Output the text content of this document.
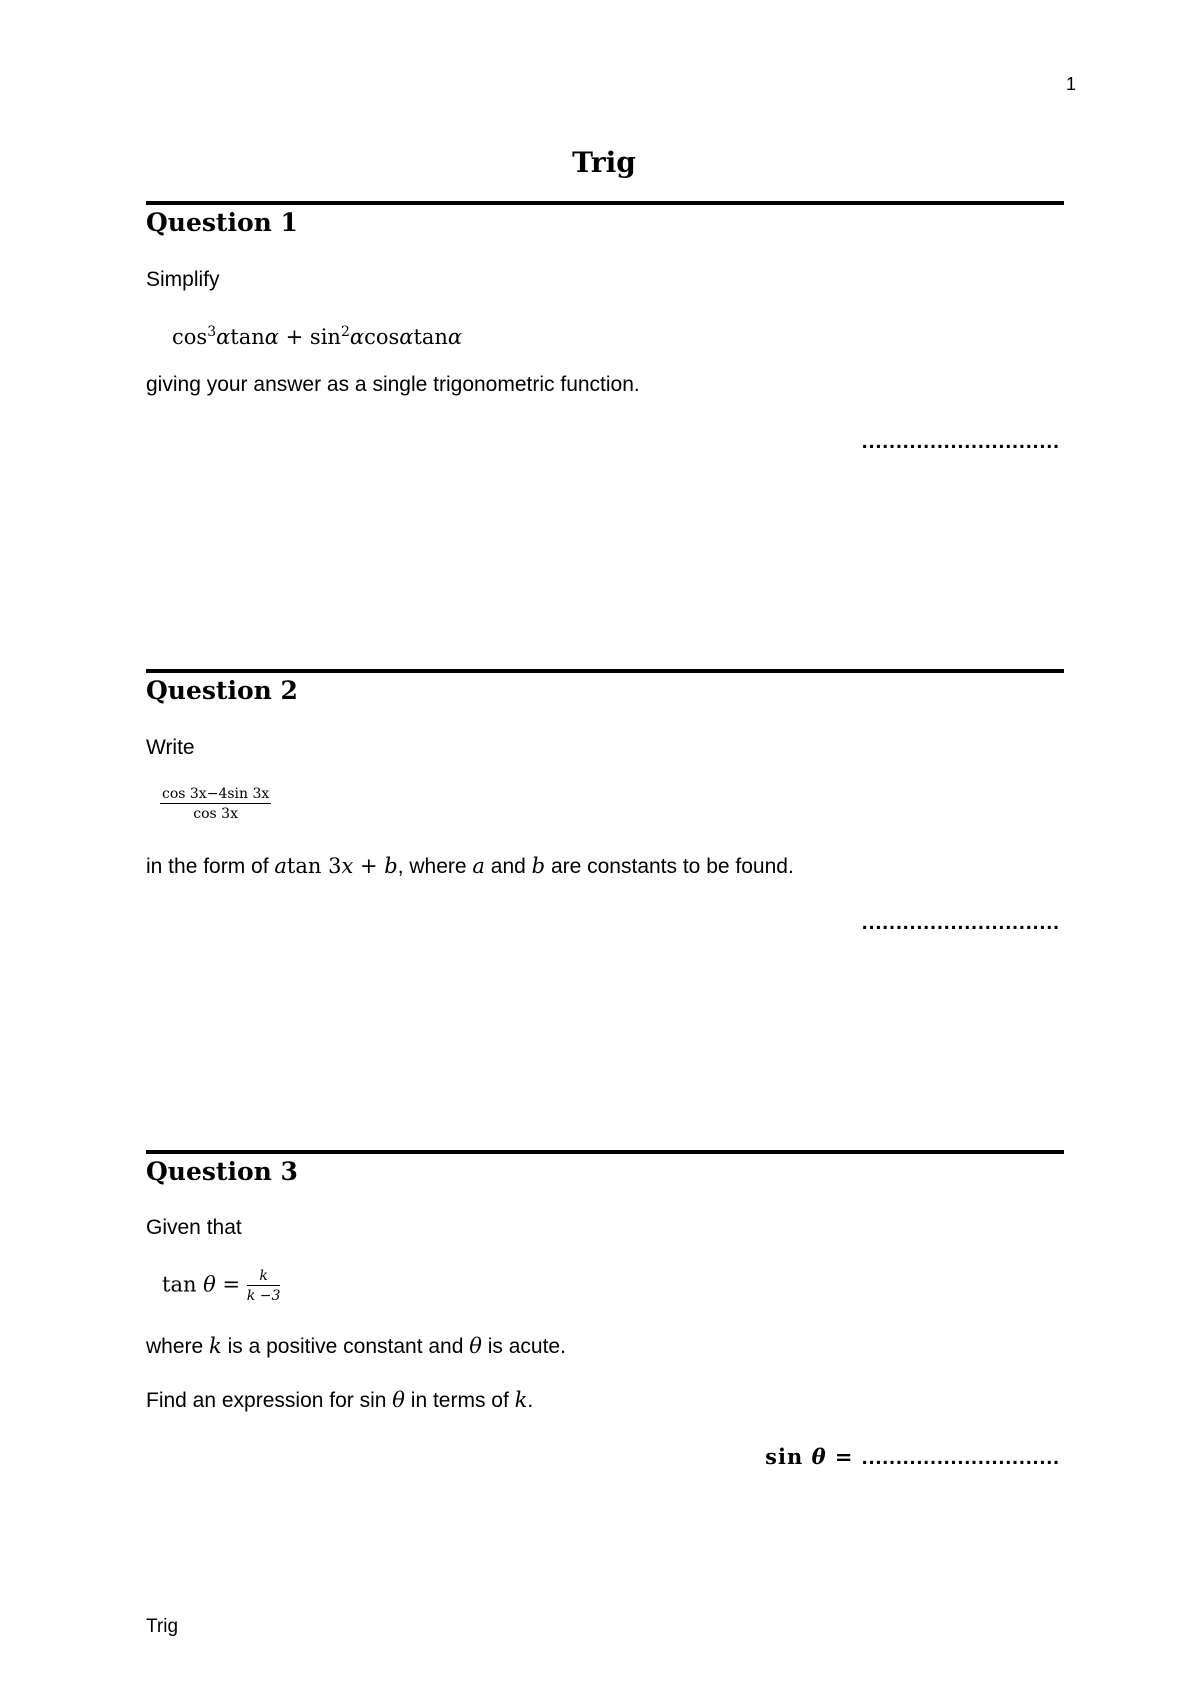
1
Trig
Question 1
Simplify
$\cos^3\alpha\tan\alpha + \sin^2\alpha\cos\alpha\tan\alpha$
giving your answer as a single trigonometric function.
.............................
Question 2
Write
$\frac{\cos 3x-4\sin 3x}{\cos 3x}$
in the form of atan 3x + b, where a and b are constants to be found.
.............................
Question 3
Given that
$\tan \theta = \frac{k}{k -3}$
where k is a positive constant and θ is acute.
Find an expression for sin θ in terms of k.
sin θ = .............................
Trig
